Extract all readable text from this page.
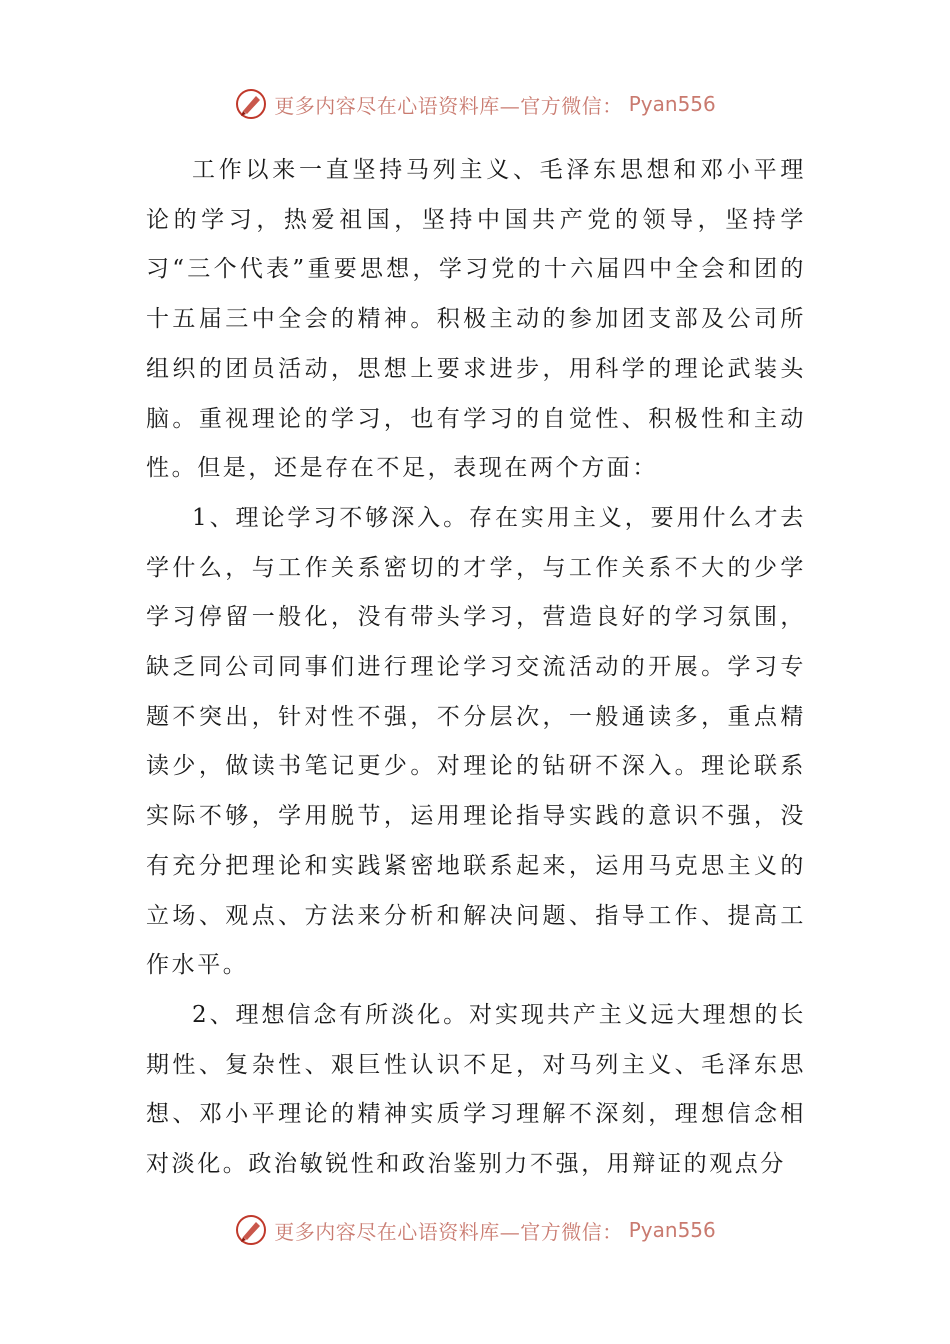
更多内容尽在心语资料库—官方微信： Pyan556

工作以来一直坚持马列主义、毛泽东思想和邓小平理论的学习，热爱祖国，坚持中国共产党的领导，坚持学习“三个代表”重要思想，学习党的十六届四中全会和团的十五届三中全会的精神。积极主动的参加团支部及公司所组织的团员活动，思想上要求进步，用科学的理论武装头脑。重视理论的学习，也有学习的自觉性、积极性和主动性。但是，还是存在不足，表现在两个方面：

1、理论学习不够深入。存在实用主义，要用什么才去学什么，与工作关系密切的才学，与工作关系不大的少学学习停留一般化，没有带头学习，营造良好的学习氛围，缺乏同公司同事们进行理论学习交流活动的开展。学习专题不突出，针对性不强，不分层次，一般通读多，重点精读少，做读书笔记更少。对理论的钻研不深入。理论联系实际不够，学用脱节，运用理论指导实践的意识不强，没有充分把理论和实践紧密地联系起来，运用马克思主义的立场、观点、方法来分析和解决问题、指导工作、提高工作水平。

2、理想信念有所淡化。对实现共产主义远大理想的长期性、复杂性、艰巨性认识不足，对马列主义、毛泽东思想、邓小平理论的精神实质学习理解不深刻，理想信念相对淡化。政治敏锐性和政治鉴别力不强，用辩证的观点分

更多内容尽在心语资料库—官方微信： Pyan556
